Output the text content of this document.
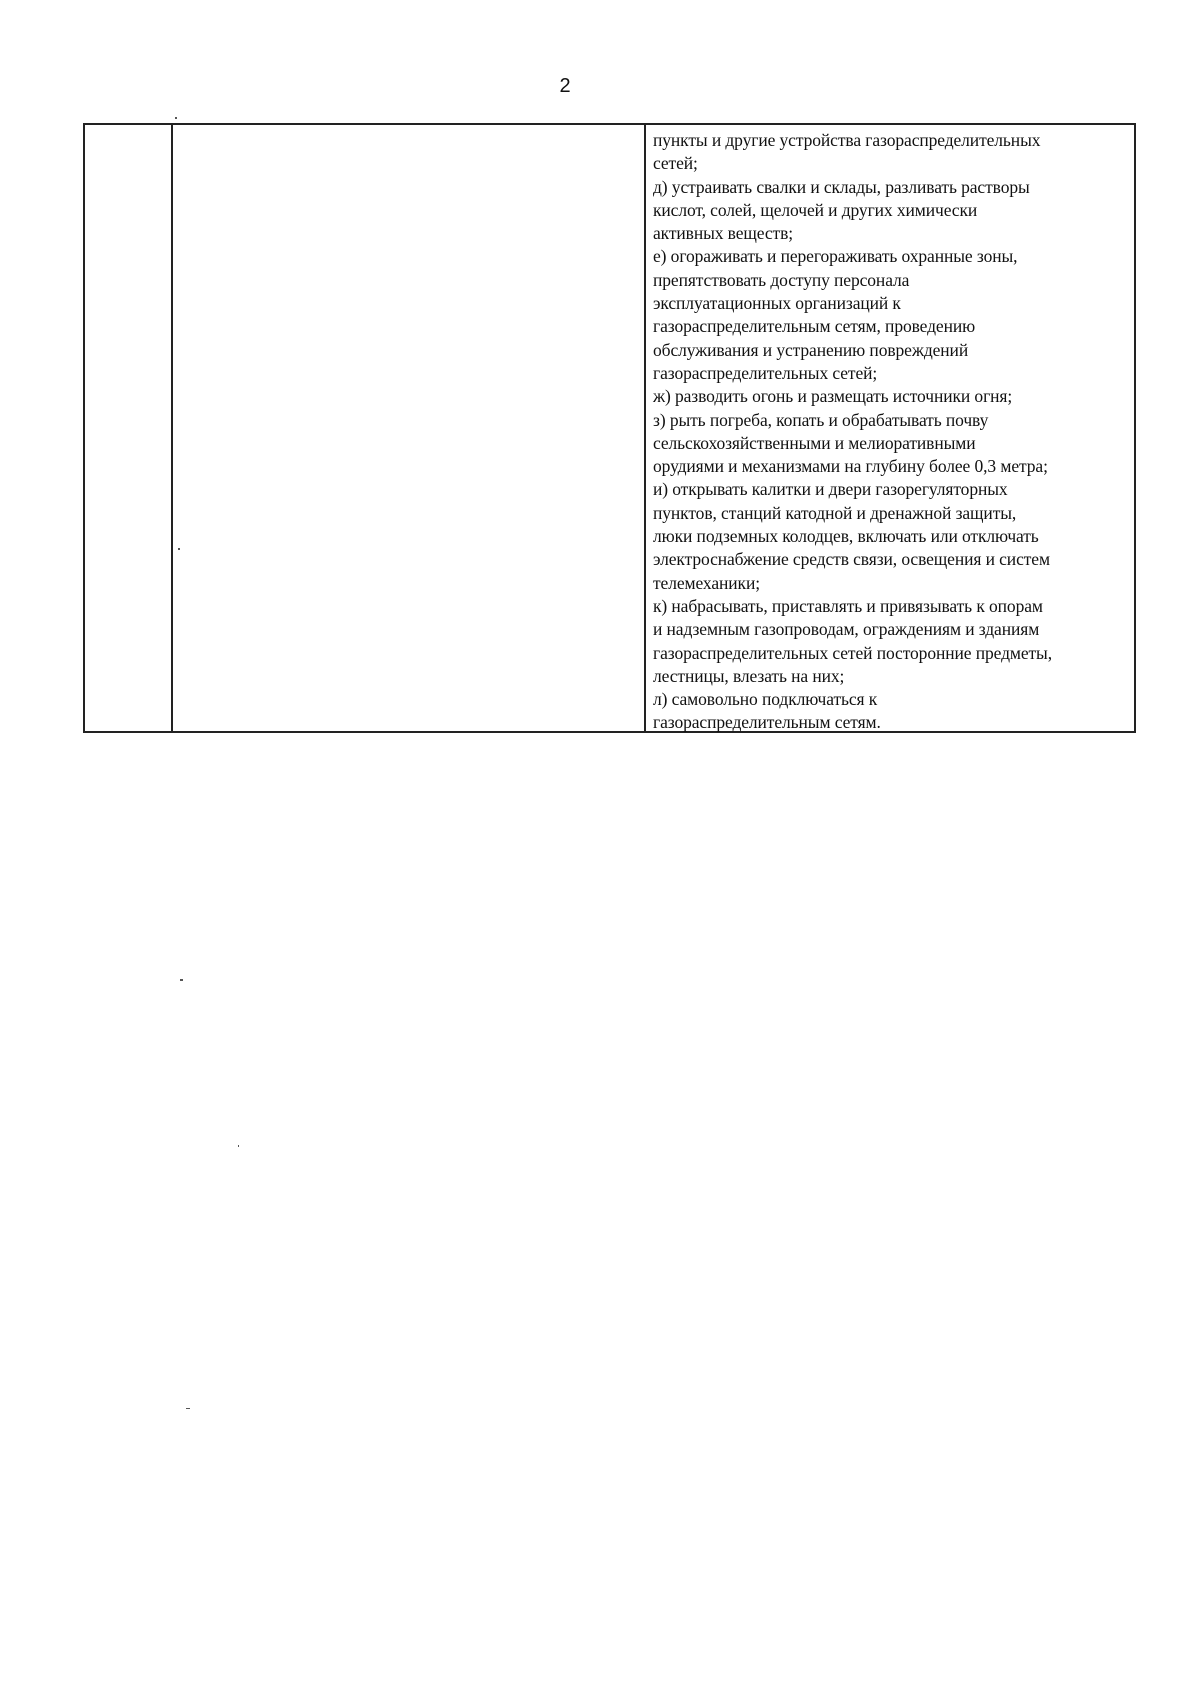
2
пункты и другие устройства газораспределительных
сетей;
д) устраивать свалки и склады, разливать растворы
кислот, солей, щелочей и других химически
активных веществ;
е) огораживать и перегораживать охранные зоны,
препятствовать доступу персонала
эксплуатационных организаций к
газораспределительным сетям, проведению
обслуживания и устранению повреждений
газораспределительных сетей;
ж) разводить огонь и размещать источники огня;
з) рыть погреба, копать и обрабатывать почву
сельскохозяйственными и мелиоративными
орудиями и механизмами на глубину более 0,3 метра;
и) открывать калитки и двери газорегуляторных
пунктов, станций катодной и дренажной защиты,
люки подземных колодцев, включать или отключать
электроснабжение средств связи, освещения и систем
телемеханики;
к) набрасывать, приставлять и привязывать к опорам
и надземным газопроводам, ограждениям и зданиям
газораспределительных сетей посторонние предметы,
лестницы, влезать на них;
л) самовольно подключаться к
газораспределительным сетям.
